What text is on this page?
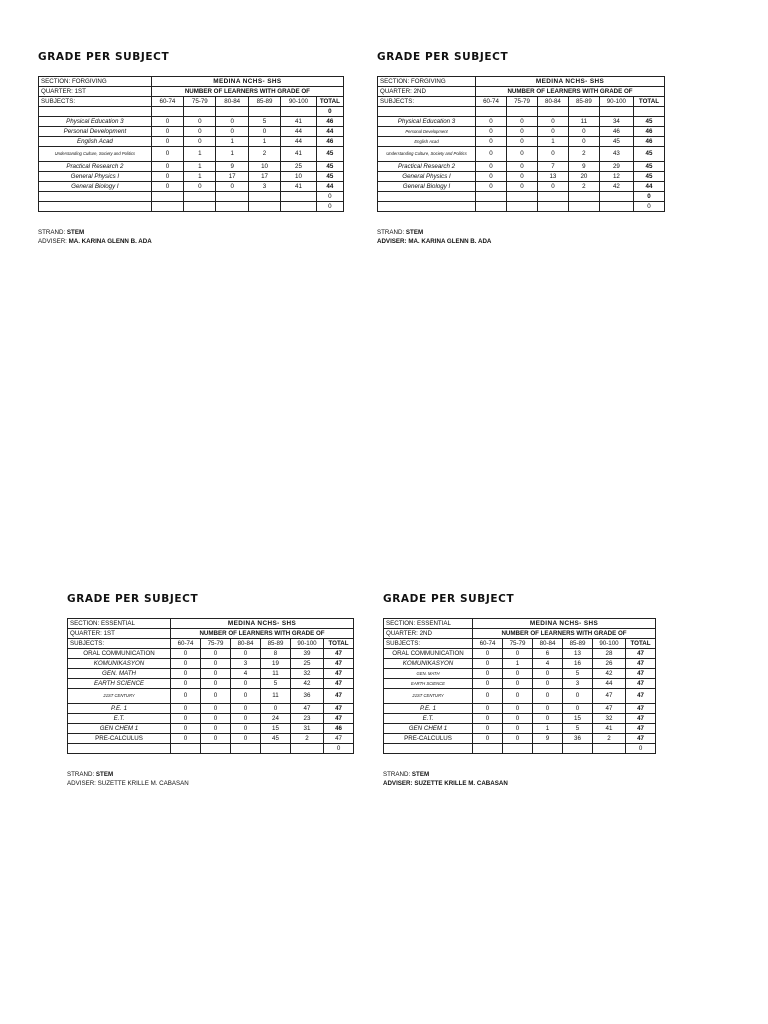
GRADE PER SUBJECT
SECTION: FORGIVING	MEDINA NCHS- SHS					
QUARTER: 1ST	NUMBER OF LEARNERS WITH GRADE OF					
SUBJECTS:	60-74	75-79	80-84	85-89	90-100	TOTAL
						0
Physical Education 3	0	0	0	5	41	46
Personal Development	0	0	0	0	44	44
English Acad	0	0	1	1	44	46
Understanding Culture, Society and Politics	0	1	1	2	41	45
Practical Research 2	0	1	9	10	25	45
General Physics I	0	1	17	17	10	45
General Biology I	0	0	0	3	41	44
						0
						0
STRAND: STEM
ADVISER: MA. KARINA GLENN B. ADA
GRADE PER SUBJECT
SECTION: FORGIVING	MEDINA NCHS- SHS					
QUARTER: 2ND	NUMBER OF LEARNERS WITH GRADE OF					
SUBJECTS:	60-74	75-79	80-84	85-89	90-100	TOTAL

Physical Education 3	0	0	0	11	34	45
Personal Development	0	0	0	0	46	46
English Acad	0	0	1	0	45	46
Understanding Culture, Society and Politics	0	0	0	2	43	45
Practical Research 2	0	0	7	9	29	45
General Physics I	0	0	13	20	12	45
General Biology I	0	0	0	2	42	44
						0
						0
STRAND: STEM
ADVISER: MA. KARINA GLENN B. ADA
GRADE PER SUBJECT
SECTION: ESSENTIAL	MEDINA NCHS- SHS					
QUARTER: 1ST	NUMBER OF LEARNERS WITH GRADE OF					
SUBJECTS:	60-74	75-79	80-84	85-89	90-100	TOTAL
ORAL COMMUNICATION	0	0	0	8	39	47
KOMUNIKASYON	0	0	3	19	25	47
GEN. MATH	0	0	4	11	32	47
EARTH SCIENCE	0	0	0	5	42	47
21ST CENTURY	0	0	0	11	36	47
P.E. 1	0	0	0	0	47	47
E.T.	0	0	0	24	23	47
GEN CHEM 1	0	0	0	15	31	46
PRE-CALCULUS	0	0	0	45	2	47
						0
STRAND: STEM
ADVISER: SUZETTE KRILLE M. CABASAN
GRADE PER SUBJECT
SECTION: ESSENTIAL	MEDINA NCHS- SHS					
QUARTER: 2ND	NUMBER OF LEARNERS WITH GRADE OF					
SUBJECTS:	60-74	75-79	80-84	85-89	90-100	TOTAL
ORAL COMMUNICATION	0	0	6	13	28	47
KOMUNIKASYON	0	1	4	16	26	47
GEN. MATH	0	0	0	5	42	47
EARTH SCIENCE	0	0	0	3	44	47
21ST CENTURY	0	0	0	0	47	47
P.E. 1	0	0	0	0	47	47
E.T.	0	0	0	15	32	47
GEN CHEM 1	0	0	1	5	41	47
PRE-CALCULUS	0	0	9	36	2	47
						0
STRAND: STEM
ADVISER: SUZETTE KRILLE M. CABASAN
